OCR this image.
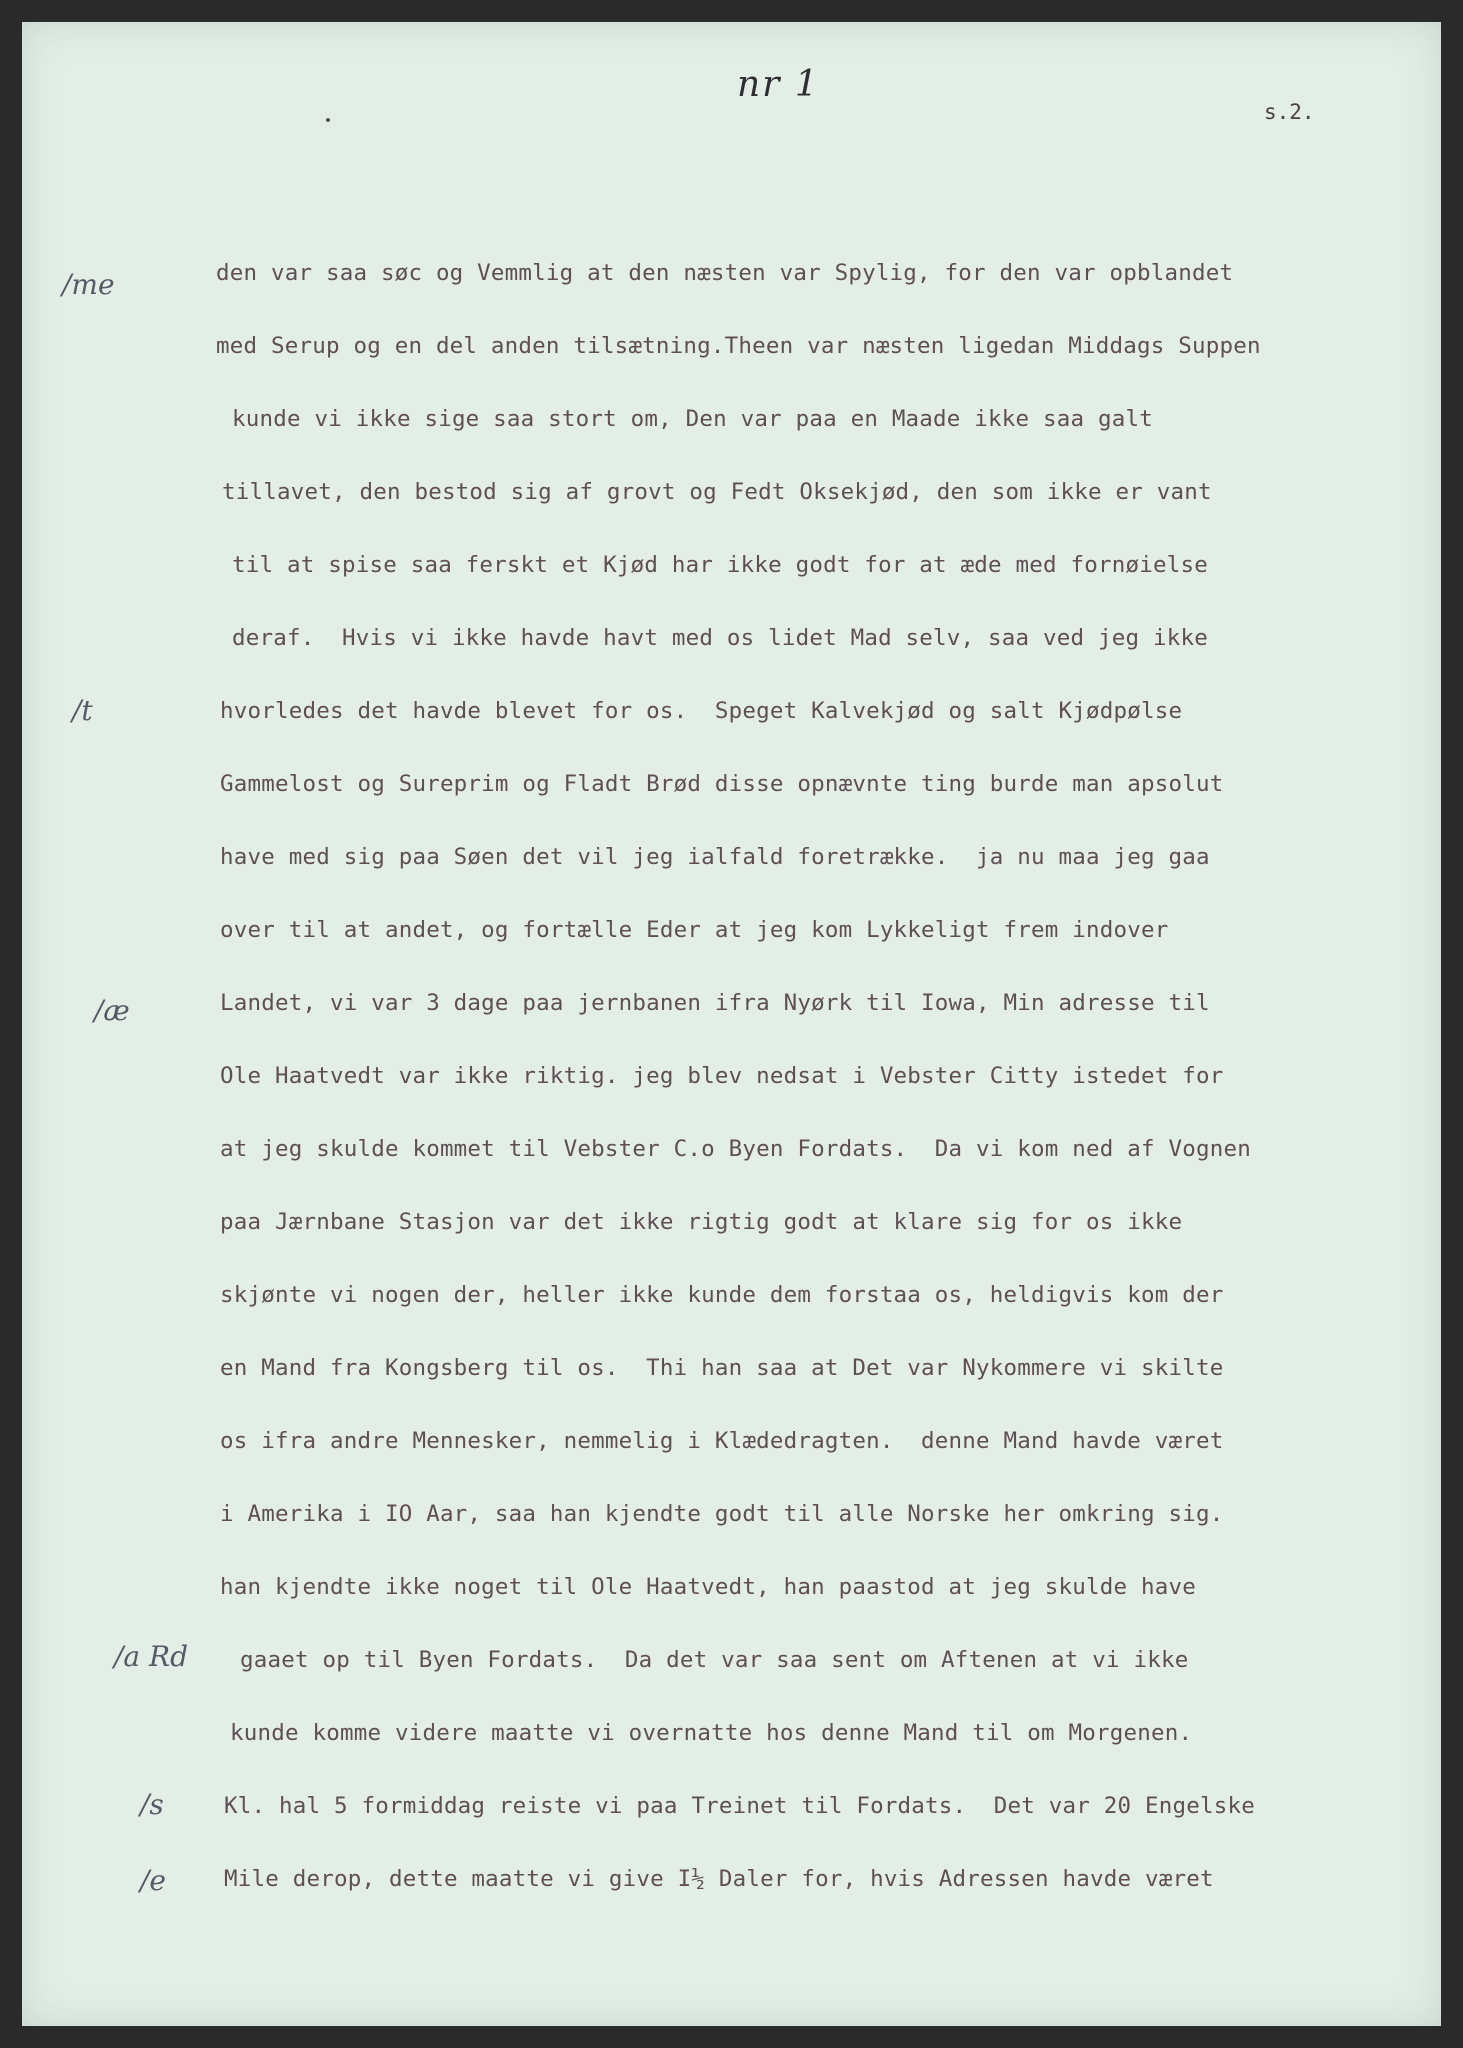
nr 1
s.2.
/me
/t
/æ
/a Rd
/s
/e
den var saa søc og Vemmlig at den næsten var Spylig, for den var opblandet
med Serup og en del anden tilsætning.Theen var næsten ligedan Middags Suppen
kunde vi ikke sige saa stort om, Den var paa en Maade ikke saa galt
tillavet, den bestod sig af grovt og Fedt Oksekjød, den som ikke er vant
til at spise saa ferskt et Kjød har ikke godt for at æde med fornøielse
deraf.  Hvis vi ikke havde havt med os lidet Mad selv, saa ved jeg ikke
hvorledes det havde blevet for os.  Speget Kalvekjød og salt Kjødpølse
Gammelost og Sureprim og Fladt Brød disse opnævnte ting burde man apsolut
have med sig paa Søen det vil jeg ialfald foretrække.  ja nu maa jeg gaa
over til at andet, og fortælle Eder at jeg kom Lykkeligt frem indover
Landet, vi var 3 dage paa jernbanen ifra Nyørk til Iowa, Min adresse til
Ole Haatvedt var ikke riktig. jeg blev nedsat i Vebster Citty istedet for
at jeg skulde kommet til Vebster C.o Byen Fordats.  Da vi kom ned af Vognen
paa Jærnbane Stasjon var det ikke rigtig godt at klare sig for os ikke
skjønte vi nogen der, heller ikke kunde dem forstaa os, heldigvis kom der
en Mand fra Kongsberg til os.  Thi han saa at Det var Nykommere vi skilte
os ifra andre Mennesker, nemmelig i Klædedragten.  denne Mand havde været
i Amerika i IO Aar, saa han kjendte godt til alle Norske her omkring sig.
han kjendte ikke noget til Ole Haatvedt, han paastod at jeg skulde have
gaaet op til Byen Fordats.  Da det var saa sent om Aftenen at vi ikke
kunde komme videre maatte vi overnatte hos denne Mand til om Morgenen.
Kl. hal 5 formiddag reiste vi paa Treinet til Fordats.  Det var 20 Engelske
Mile derop, dette maatte vi give I½ Daler for, hvis Adressen havde været
